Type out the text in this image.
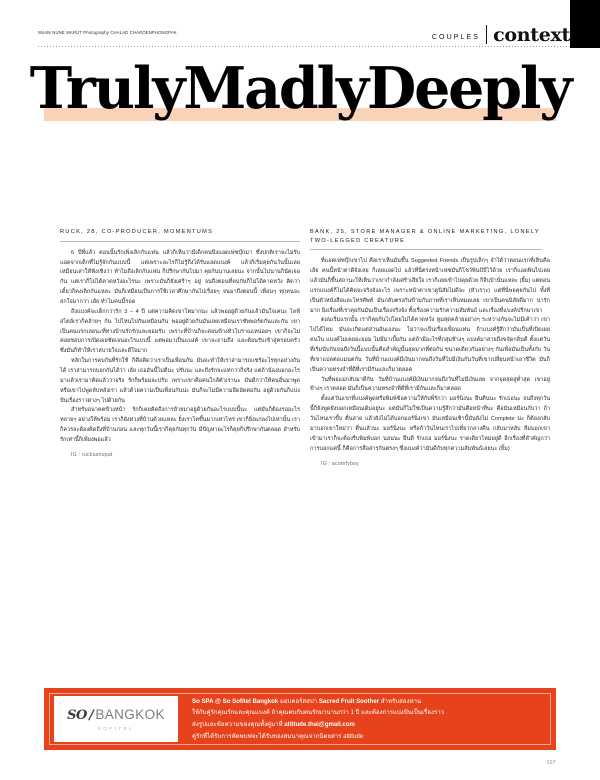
Words NUNE MARUT Photography CHALAD CHAROENPHONGPAK
COUPLES context
TrulyMadlyDeeply
RUCK, 28, CO-PRODUCER, MOMENTUMS

6 ปีที่แล้ว ตอนนั้นรักเพิ่งเลิกกับแฟน แล้วก็เห็นว่ามีเด็กคนนึงแอดเฟซบุ๊กมา ซึ่งปกติเราจะไม่รับแอดจากเด็กที่ไม่รู้จักกันแบบนี้ แต่เพราะอะไรก็ไม่รู้ถึงได้รับแอดแบงค์ แล้วก็เริ่มคุยกันวันนั้นเลย เหมือนเล่าให้ฟังเชิงว่า ทำไมถึงเลิกกับแฟน ก็ปรึกษากันไปมา คุยกันนานเลยนะ จากนั้นไม่นานก็นัดเจอกัน แต่เราก็ไม่ได้คาดหวังอะไรนะ เพราะมันก็ยังเศร้าๆ อยู่ จนถึงตอนที่คบกันก็ไม่ได้คาดหวัง คิดว่าเดี๋ยวก็คงเลิกกันแหละ มันก็เหมือนเป็นการใช้เวลาศึกษากันไปเรื่อยๆ จนมาถึงตอนนี้ เพื่อนๆ ทุกคนจะสกใจมากว่า เฮ้ย ทำไมคนนี้รอด

ถึงแบงค์จะเด็กกว่ารัก 3 – 4 ปี แต่ความคิดเขาโตมากนะ แล้วพออยู่ด้วยกันแล้วมันใจเคนะ ไลฟ์สไตล์เราก็คล้ายๆ กัน ไปไหนไปกันเหมือนกัน พออยู่ด้วยกันมันเลยเหมือนเราซัพพอร์ตกันและกัน เขาเป็นคนแรกเลยนะที่ทางบ้านรักรักและยอมรับ เพราะที่บ้านก็จะค่อนข้างหัวโบราณเหน่อยๆ เขาก็จะไม่ค่อยชอบการเปิดเผยชัดเจนอะไรแบบนี้ แต่พอมาเป็นแบงค์ เขาจะถามถึง และต้อนรับเข้าสู่ครอบครัว ซึ่งมันก็ทำให้เราสบายใจและดีใจมาก

หลักในการคบกันที่รักใช้ ก็คือคิดว่าเราเป็นเพื่อนกัน มันจะทำให้เราสามารถแชร์อะไรทุกอย่างกันได้ เราสามารถบอกกันได้ว่า เฮ้ย เธออันนี้ไม่ดีนะ ปรับนะ และถึงรักจะแท่กว่าก็จริง แต่ถ้าน้องบอกอะไรมาแล้วเรามาคิดแล้วว่าจริง รักก็พร้อมจะปรับ เพราะเขาคือคนใกล้ตัวเรานะ มันดีกว่าให้คนอื่นมาพูดหรือเขาไปพูดลับหลังเรา แล้วด้วยความเป็นเพื่อนกันน่ะ มันก็จะไม่มีความอึดอัดต่อกัน อยู่ด้วยกันก็แบ่งปันเรื่องราวต่างๆ ไปด้วยกัน

สำหรับอนาคตข้างหน้า รักก็เคยคิดถึงการย้ายมาอยู่ด้วยกันอะไรแบบนี้นะ แต่มันก็ต้องรออะไรหลายๆ อย่างให้พร้อม เราก็ยังห่วงที่บ้านด้วยแหละ ยิ่งเราโตขึ้นมากเท่าไหร่ เขาก็ยิ่งแก่ลงไปเท่านั้น เราก็ควรจะต้องคิดถึงที่บ้านก่อน และทุกวันนี้เราก็คุยกันทุกวัน มีปัญหาอะไรก็คุยก็ปรึกษากันตลอด สำหรับรักเท่านี้ก็เพียงพอแล้ว

IG : rucksanupat
BANK, 25, STORE MANAGER & ONLINE MARKETING, LONELY TWO-LEGGED CREATURE

ที่แอดเฟซบุ๊กเขาไป คือเราเห็นมันขึ้น Suggested Friends เป็นรูปเล็กๆ จำได้ว่าตอนแรกที่เห็นคือ เฮ้ย คนนี้หน้าตาดีจังเลย ก็เลยแอดไป แล้วที่นี่ตรงหน้าเฟซมันก็โชว์พินบีบีไว้ด้วย เราก็แอดพินไปเลย แล้วมันก็ขึ้นสถานะให้เห็นว่าเขากำลังเศร้าเสียใจ เราก็เลยเข้าไปคุยด้วย ก็จีบบ้านั่นแหละ (ยิ้ม) แต่ตอนแรกแบงค์ก็ไม่ได้คิดจะจริงจังอะไร เพราะหน้าตาเขาดูนิสัยไม่ดีจะ (หัวเราะ) แต่ที่นี่พอคุยกันไป ทั้งที่เป็นตัวหนังสือและโทรศัพท์ มันกลับตรงกันข้ามกับภาพที่เราเห็นหมดเลย เขาเป็นคนนิสัยดีมาก น่ารักมาก ยิ่งเรื่องที่เราคุยกันมันเป็นเรื่องจริงจัง ทั้งเรื่องความรักความสัมพันธ์ และเรื่องที่แบงค์ปรึกษาเขา

ตอนเริ่มแรกนั้น เราก็คุยกันไปโดยไม่ได้คาดหวัง หูมสุดคล้ายอย่างๆ ระหว่างกันจะไม่มีเค้าว่า เขาไปได้ไหม มันจะเกิดแต่ส่วนอันเองนะ ไม่ว่าจะเป็นเรื่องเพื่อนแฟน ถ้าแบงค์รู้สึกว่ามันเป็นที่เปิดเผยคนใน แบงค์ไม่เคยอะยอม ไม่มีมาเบี้ยกัน แต่ถ้ามีอะไรที่กลุ่มช้างๆ แบงค์มาสายถึงขจัดกลิ่นดี ตั้งแต่วันที่เริ่มนับกันจนถึงวันนี้แบบนั้นคือสำคัญนั้นสุดมากที่ต่อกัน ขนาดเดียวกันอย่างๆ กันเพื่อมันเป็นทั้งกับ วันที่เขาแปลต่อแมนตกัน วันที่บ้านแบงค์มีเงินมากจนถึงวันที่ไม่มีเงินกันวันที่เขาเปลี่ยนหน้าเอาชีวิต มันก็เป็นความทรงจำที่ดีที่เรามีกันและก็มาตลอด

วันที่พ่อแม่กลับมาดีกัน วันที่บ้านแบงค์มีเงินมากจนถึงวันที่ไม่มีเงินเลย จากจุดสุดสู่ต่ำสุด เขาอยู่ข้างๆ เราตลอด มันก็เป็นความทรงจำที่ดีที่เรามีกันและก็มาตลอด

ตั้งแต่วันแรกที่แบงค์พูดหรือพิมพ์ข้อความให้กับพี่รักว่า มอร์นิ่งนะ ฝืนตืนนะ รักเธอนะ จนถึงทุกวันนี้ก็ยังพูดยังบอกเหมือนเดิมอยู่นะ แต่มันก็ไม่ใช่เป็นความรู้สึกว่ามันคือหน้าที่นะ คือมันเหมือนกับว่า ถ้าวันไหนเราขี้บ ตื่นสาย แล้วยังไม่ได้บอกมอร์นิ่งเขา มันเหมือนเช้านี้มันยังไม่ Complete น่ะ ก็ต้องกลับมาบอกเขาใหม่ว่า ตื่นแล้วนะ มอร์นิ่งนะ หรือถ้าวันไหนเราไปเที่ยวกลางคืน กลับมาหลับ ลืมบอกเขา เข้ามาเราก็จะต้องรีบพิมพ์บอก นอนนะ ฝืนดี รักเธอ มอร์นิ่งนะ ราดเดียวไหม่อยู่ดี อีกเรื่องที่สำคัญกว่าการบอกแค่นี้ ก็คือการสื่อสารกันตรงๆ ซึ่งแบงค์ว่ามันดีกับทุกความสัมพันธ์เลยนะ (ยิ้ม)

IG : acomfyboy
SO / BANGKOK
SOFITEL
So SPA @ So Sofitel Bangkok มอบคอร์สสปา Sacred Fruit Soother สำหรับสองท่าน
ให้กับคู่รักคุณรักและคุณแบงค์ ถ้าคุณคบกับคนรักมานานกว่า 1 ปี และต้องการแบ่งปันเป็นเรื่องราว
ส่งรูปและข้อความของคุณทั้งคู่มาที่ attitude.thai@gmail.com
คู่รักที่ได้รับการคัดพบฟจะได้รับของสมนาคุณจากนิตยสาร attitude
107
